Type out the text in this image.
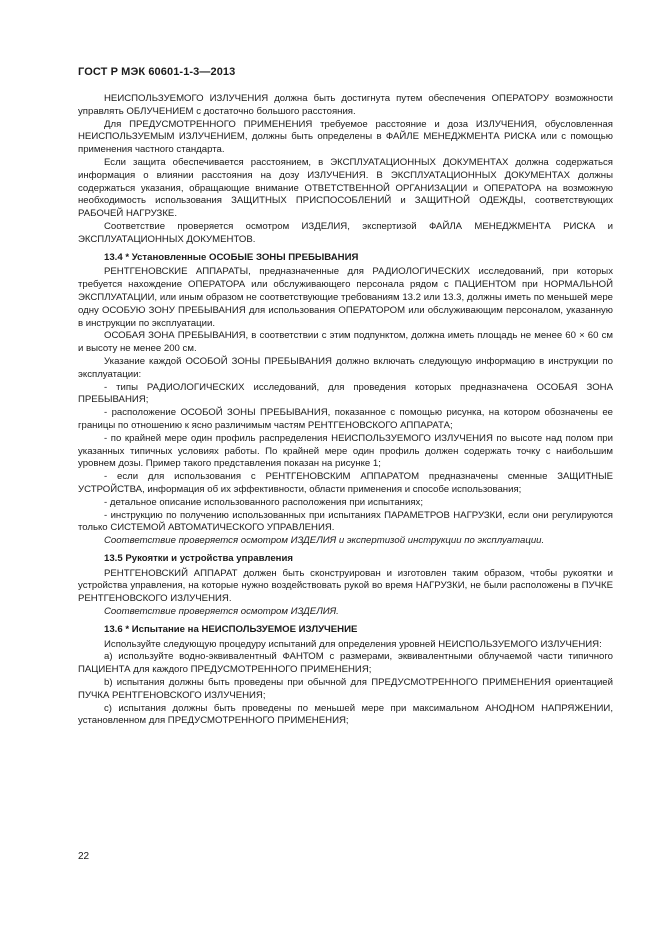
ГОСТ Р МЭК 60601-1-3—2013

НЕИСПОЛЬЗУЕМОГО ИЗЛУЧЕНИЯ должна быть достигнута путем обеспечения ОПЕРАТОРУ возможности управлять ОБЛУЧЕНИЕМ с достаточно большого расстояния.

Для ПРЕДУСМОТРЕННОГО ПРИМЕНЕНИЯ требуемое расстояние и доза ИЗЛУЧЕНИЯ, обусловленная НЕИСПОЛЬЗУЕМЫМ ИЗЛУЧЕНИЕМ, должны быть определены в ФАЙЛЕ МЕНЕДЖМЕНТА РИСКА или с помощью применения частного стандарта.

Если защита обеспечивается расстоянием, в ЭКСПЛУАТАЦИОННЫХ ДОКУМЕНТАХ должна содержаться информация о влиянии расстояния на дозу ИЗЛУЧЕНИЯ. В ЭКСПЛУАТАЦИОННЫХ ДОКУМЕНТАХ должны содержаться указания, обращающие внимание ОТВЕТСТВЕННОЙ ОРГАНИЗАЦИИ и ОПЕРАТОРА на возможную необходимость использования ЗАЩИТНЫХ ПРИСПОСОБЛЕНИЙ и ЗАЩИТНОЙ ОДЕЖДЫ, соответствующих РАБОЧЕЙ НАГРУЗКЕ.

Соответствие проверяется осмотром ИЗДЕЛИЯ, экспертизой ФАЙЛА МЕНЕДЖМЕНТА РИСКА и ЭКСПЛУАТАЦИОННЫХ ДОКУМЕНТОВ.

13.4 * Установленные ОСОБЫЕ ЗОНЫ ПРЕБЫВАНИЯ

РЕНТГЕНОВСКИЕ АППАРАТЫ, предназначенные для РАДИОЛОГИЧЕСКИХ исследований, при которых требуется нахождение ОПЕРАТОРА или обслуживающего персонала рядом с ПАЦИЕНТОМ при НОРМАЛЬНОЙ ЭКСПЛУАТАЦИИ, или иным образом не соответствующие требованиям 13.2 или 13.3, должны иметь по меньшей мере одну ОСОБУЮ ЗОНУ ПРЕБЫВАНИЯ для использования ОПЕРАТОРОМ или обслуживающим персоналом, указанную в инструкции по эксплуатации.

ОСОБАЯ ЗОНА ПРЕБЫВАНИЯ, в соответствии с этим подпунктом, должна иметь площадь не менее 60 × 60 см и высоту не менее 200 см.

Указание каждой ОСОБОЙ ЗОНЫ ПРЕБЫВАНИЯ должно включать следующую информацию в инструкции по эксплуатации:

- типы РАДИОЛОГИЧЕСКИХ исследований, для проведения которых предназначена ОСОБАЯ ЗОНА ПРЕБЫВАНИЯ;

- расположение ОСОБОЙ ЗОНЫ ПРЕБЫВАНИЯ, показанное с помощью рисунка, на котором обозначены ее границы по отношению к ясно различимым частям РЕНТГЕНОВСКОГО АППАРАТА;

- по крайней мере один профиль распределения НЕИСПОЛЬЗУЕМОГО ИЗЛУЧЕНИЯ по высоте над полом при указанных типичных условиях работы. По крайней мере один профиль должен содержать точку с наибольшим уровнем дозы. Пример такого представления показан на рисунке 1;

- если для использования с РЕНТГЕНОВСКИМ АППАРАТОМ предназначены сменные ЗАЩИТНЫЕ УСТРОЙСТВА, информация об их эффективности, области применения и способе использования;

- детальное описание использованного расположения при испытаниях;

- инструкцию по получению использованных при испытаниях ПАРАМЕТРОВ НАГРУЗКИ, если они регулируются только СИСТЕМОЙ АВТОМАТИЧЕСКОГО УПРАВЛЕНИЯ.

Соответствие проверяется осмотром ИЗДЕЛИЯ и экспертизой инструкции по эксплуатации.

13.5 Рукоятки и устройства управления

РЕНТГЕНОВСКИЙ АППАРАТ должен быть сконструирован и изготовлен таким образом, чтобы рукоятки и устройства управления, на которые нужно воздействовать рукой во время НАГРУЗКИ, не были расположены в ПУЧКЕ РЕНТГЕНОВСКОГО ИЗЛУЧЕНИЯ.

Соответствие проверяется осмотром ИЗДЕЛИЯ.

13.6 * Испытание на НЕИСПОЛЬЗУЕМОЕ ИЗЛУЧЕНИЕ

Используйте следующую процедуру испытаний для определения уровней НЕИСПОЛЬЗУЕМОГО ИЗЛУЧЕНИЯ:

а) используйте водно-эквивалентный ФАНТОМ с размерами, эквивалентными облучаемой части типичного ПАЦИЕНТА для каждого ПРЕДУСМОТРЕННОГО ПРИМЕНЕНИЯ;

b) испытания должны быть проведены при обычной для ПРЕДУСМОТРЕННОГО ПРИМЕНЕНИЯ ориентацией ПУЧКА РЕНТГЕНОВСКОГО ИЗЛУЧЕНИЯ;

с) испытания должны быть проведены по меньшей мере при максимальном АНОДНОМ НАПРЯЖЕНИИ, установленном для ПРЕДУСМОТРЕННОГО ПРИМЕНЕНИЯ;

22
